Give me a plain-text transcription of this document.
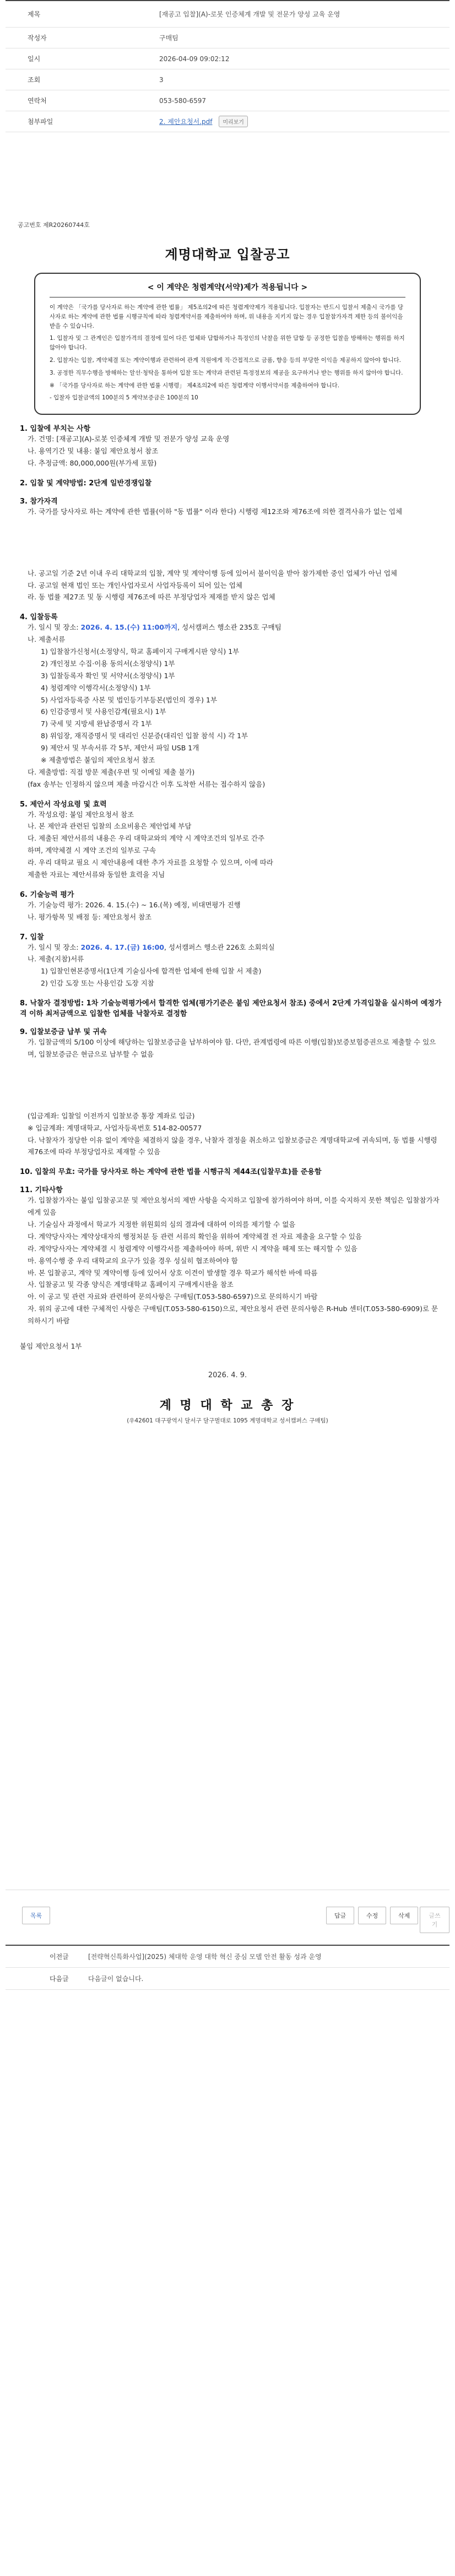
제목	[재공고 입찰](A)-로봇 인증체계 개발 및 전문가 양성 교육 운영
작성자	구매팀
일시	2026-04-09 09:02:12
조회	3
연락처	053-580-6597
첨부파일	2. 제안요청서.pdf 미리보기
공고번호 제R20260744호
계명대학교 입찰공고
< 이 계약은 청렴계약(서약)제가 적용됩니다 >

이 계약은 「국가를 당사자로 하는 계약에 관한 법률」 제5조의2에 따른 청렴계약제가 적용됩니다. 입찰자는 반드시 입찰서 제출시 국가를 당사자로 하는 계약에 관한 법률 시행규칙에 따라 청렴계약서를 제출하여야 하며, 위 내용을 지키지 않는 경우 입찰참가자격 제한 등의 불이익을 받을 수 있습니다.

1. 입찰자 및 그 관계인은 입찰가격의 결정에 있어 다른 업체와 담합하거나 특정인의 낙찰을 위한 담합 등 공정한 입찰을 방해하는 행위를 하지 않아야 합니다.

2. 입찰자는 입찰, 계약체결 또는 계약이행과 관련하여 관계 직원에게 직·간접적으로 금품, 향응 등의 부당한 이익을 제공하지 않아야 합니다.

3. 공정한 직무수행을 방해하는 알선·청탁을 통하여 입찰 또는 계약과 관련된 특정정보의 제공을 요구하거나 받는 행위를 하지 않아야 합니다.

※ 「국가를 당사자로 하는 계약에 관한 법률 시행령」 제4조의2에 따른 청렴계약 이행서약서를 제출하여야 합니다.

- 입찰자 입찰금액의 100분의 5 계약보증금은 100분의 10

1. 입찰에 부치는 사항
가. 건명: [재공고](A)-로봇 인증체계 개발 및 전문가 양성 교육 운영
나. 용역기간 및 내용: 붙임 제안요청서 참조
다. 추정금액: 80,000,000원(부가세 포함)
2. 입찰 및 계약방법: 2단계 일반경쟁입찰
3. 참가자격
가. 국가를 당사자로 하는 계약에 관한 법률(이하 "동 법률" 이라 한다) 시행령 제12조와 제76조에 의한 결격사유가 없는 업체
나. 공고일 기준 2년 이내 우리 대학교의 입찰, 계약 및 계약이행 등에 있어서 불이익을 받아 참가제한 중인 업체가 아닌 업체
다. 공고일 현재 법인 또는 개인사업자로서 사업자등록이 되어 있는 업체
라. 동 법률 제27조 및 동 시행령 제76조에 따른 부정당업자 제재를 받지 않은 업체
4. 입찰등록
가. 일시 및 장소: 2026. 4. 15.(수) 11:00까지, 성서캠퍼스 행소관 235호 구매팀
나. 제출서류
1) 입찰참가신청서(소정양식, 학교 홈페이지 구매게시판 양식) 1부
2) 개인정보 수집·이용 동의서(소정양식) 1부
3) 입찰등록자 확인 및 서약서(소정양식) 1부
4) 청렴계약 이행각서(소정양식) 1부
5) 사업자등록증 사본 및 법인등기부등본(법인의 경우) 1부
6) 인감증명서 및 사용인감계(필요시) 1부
7) 국세 및 지방세 완납증명서 각 1부
8) 위임장, 재직증명서 및 대리인 신분증(대리인 입찰 참석 시) 각 1부
9) 제안서 및 부속서류 각 5부, 제안서 파일 USB 1개
※ 제출방법은 붙임의 제안요청서 참조
다. 제출방법: 직접 방문 제출(우편 및 이메일 제출 불가)
(fax 송부는 인정하지 않으며 제출 마감시간 이후 도착한 서류는 접수하지 않음)
5. 제안서 작성요령 및 효력
가. 작성요령: 붙임 제안요청서 참조
나. 본 제안과 관련된 입찰의 소요비용은 제안업체 부담
다. 제출된 제안서류의 내용은 우리 대학교와의 계약 시 계약조건의 일부로 간주
하며, 계약체결 시 계약 조건의 일부로 구속
라. 우리 대학교 필요 시 제안내용에 대한 추가 자료를 요청할 수 있으며, 이에 따라
제출한 자료는 제안서류와 동일한 효력을 지님
6. 기술능력 평가
가. 기술능력 평가: 2026. 4. 15.(수) ~ 16.(목) 예정, 비대면평가 진행
나. 평가항목 및 배점 등: 제안요청서 참조
7. 입찰
가. 일시 및 장소: 2026. 4. 17.(금) 16:00, 성서캠퍼스 행소관 226호 소회의실
나. 제출(지참)서류
1) 입찰인현본증명서(1단계 기술심사에 합격한 업체에 한해 입찰 서 제출)
2) 인감 도장 또는 사용인감 도장 지참
8. 낙찰자 결정방법: 1차 기술능력평가에서 합격한 업체(평가기준은 붙임 제안요청서 참조) 중에서 2단계 가격입찰을 실시하여 예정가격 이하 최저금액으로 입찰한 업체를 낙찰자로 결정함
9. 입찰보증금 납부 및 귀속
가. 입찰금액의 5/100 이상에 해당하는 입찰보증금을 납부하여야 함. 다만, 관계법령에 따른 이행(입찰)보증보험증권으로 제출할 수 있으며, 입찰보증금은 현금으로 납부할 수 없음
(입금계좌: 입찰일 이전까지 입찰보증 통장 계좌로 입금)
※ 입금계좌: 계명대학교, 사업자등록번호 514-82-00577
다. 낙찰자가 정당한 이유 없이 계약을 체결하지 않을 경우, 낙찰자 결정을 취소하고 입찰보증금은 계명대학교에 귀속되며, 동 법률 시행령 제76조에 따라 부정당업자로 제재할 수 있음
10. 입찰의 무효: 국가를 당사자로 하는 계약에 관한 법률 시행규칙 제44조(입찰무효)를 준용함
11. 기타사항
가. 입찰참가자는 붙임 입찰공고문 및 제안요청서의 제반 사항을 숙지하고 입찰에 참가하여야 하며, 이를 숙지하지 못한 책임은 입찰참가자에게 있음
나. 기술심사 과정에서 학교가 지정한 위원회의 심의 결과에 대하여 이의를 제기할 수 없음
다. 계약당사자는 계약상대자의 행정처분 등 관련 서류의 확인을 위하여 계약체결 전 자료 제출을 요구할 수 있음
라. 계약당사자는 계약체결 시 청렴계약 이행각서를 제출하여야 하며, 위반 시 계약을 해제 또는 해지할 수 있음
마. 용역수행 중 우리 대학교의 요구가 있을 경우 성실히 협조하여야 함
바. 본 입찰공고, 계약 및 계약이행 등에 있어서 상호 이견이 발생할 경우 학교가 해석한 바에 따름
사. 입찰공고 및 각종 양식은 계명대학교 홈페이지 구매게시판을 참조
아. 이 공고 및 관련 자료와 관련하여 문의사항은 구매팀(T.053-580-6597)으로 문의하시기 바람
자. 위의 공고에 대한 구체적인 사항은 구매팀(T.053-580-6150)으로, 제안요청서 관련 문의사항은 R-Hub 센터(T.053-580-6909)로 문의하시기 바람
붙임 제안요청서 1부
2026. 4. 9.
계 명 대 학 교 총 장
(우42601 대구광역시 달서구 달구벌대로 1095 계명대학교 성서캠퍼스 구매팀)
목록	답글	수정	삭제	글쓰기
이전글	[전략혁신특화사업](2025) 체대학 운영 대학 혁신 중심 모델 안전 활동 성과 운영
다음글	다음글이 없습니다.
